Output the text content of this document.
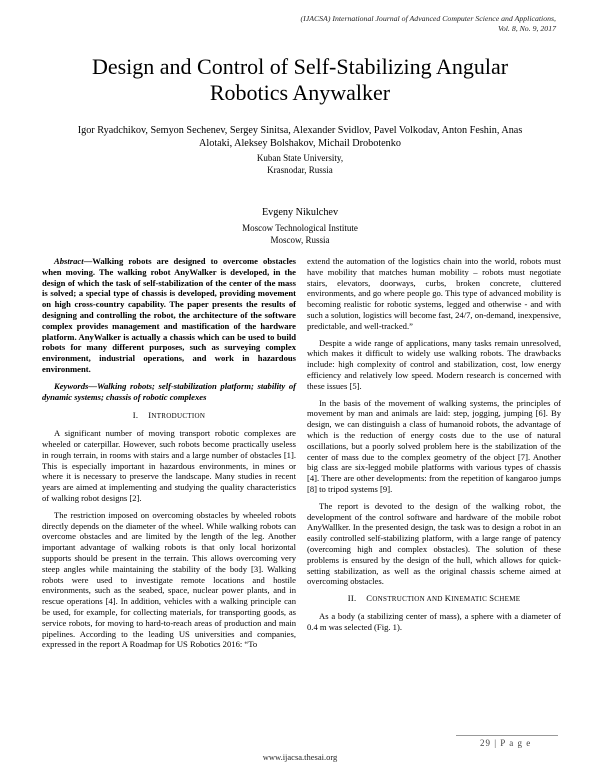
(IJACSA) International Journal of Advanced Computer Science and Applications,
Vol. 8, No. 9, 2017
Design and Control of Self-Stabilizing Angular
Robotics Anywalker
Igor Ryadchikov, Semyon Sechenev, Sergey Sinitsa, Alexander Svidlov, Pavel Volkodav, Anton Feshin, Anas
Alotaki, Aleksey Bolshakov, Michail Drobotenko
Kuban State University,
Krasnodar, Russia
Evgeny Nikulchev
Moscow Technological Institute
Moscow, Russia

Abstract—Walking robots are designed to overcome obstacles when moving. The walking robot AnyWalker is developed, in the design of which the task of self-stabilization of the center of the mass is solved; a special type of chassis is developed, providing movement on high cross-country capability. The paper presents the results of designing and controlling the robot, the architecture of the software complex provides management and mastification of the hardware platform. AnyWalker is actually a chassis which can be used to build robots for many different purposes, such as surveying complex environment, industrial operations, and work in hazardous environment.

Keywords—Walking robots; self-stabilization platform; stability of dynamic systems; chassis of robotic complexes

I. INTRODUCTION

A significant number of moving transport robotic complexes are wheeled or caterpillar. However, such robots become practically useless in rough terrain, in rooms with stairs and a large number of obstacles [1]. This is especially important in hazardous environments, in mines or where it is necessary to preserve the landscape. Many studies in recent years are aimed at implementing and studying the quality characteristics of walking robot designs [2].

The restriction imposed on overcoming obstacles by wheeled robots directly depends on the diameter of the wheel. While walking robots can overcome obstacles and are limited by the length of the leg. Another important advantage of walking robots is that only local horizontal supports should be present in the terrain. This allows overcoming very steep angles while maintaining the stability of the body [3]. Walking robots were used to investigate remote locations and hostile environments, such as the seabed, space, nuclear power plants, and in rescue operations [4]. In addition, vehicles with a walking principle can be used, for example, for collecting materials, for transporting goods, as service robots, for moving to hard-to-reach areas of production and main pipelines. According to the leading US universities and companies, expressed in the report A Roadmap for US Robotics 2016: “To

extend the automation of the logistics chain into the world, robots must have mobility that matches human mobility – robots must negotiate stairs, elevators, doorways, curbs, broken concrete, cluttered environments, and go where people go. This type of advanced mobility is becoming realistic for robotic systems, legged and otherwise - and with such a solution, logistics will become fast, 24/7, on-demand, inexpensive, predictable, and well-tracked.”

Despite a wide range of applications, many tasks remain unresolved, which makes it difficult to widely use walking robots. The drawbacks include: high complexity of control and stabilization, cost, low energy efficiency and relatively low speed. Modern research is concerned with these issues [5].

In the basis of the movement of walking systems, the principles of movement by man and animals are laid: step, jogging, jumping [6]. By design, we can distinguish a class of humanoid robots, the advantage of which is the reduction of energy costs due to the use of natural oscillations, but a poorly solved problem here is the stabilization of the center of mass due to the complex geometry of the object [7]. Another big class are six-legged mobile platforms with various types of chassis [4]. There are other developments: from the repetition of kangaroo jumps [8] to tripod systems [9].

The report is devoted to the design of the walking robot, the development of the control software and hardware of the mobile robot AnyWallker. In the presented design, the task was to design a robot in an easily controlled self-stabilizing platform, with a large range of patency (overcoming high and complex obstacles). The solution of these problems is ensured by the design of the hull, which allows for quick-setting stabilization, as well as the original chassis scheme aimed at overcoming obstacles.

II. CONSTRUCTION AND KINEMATIC SCHEME

As a body (a stabilizing center of mass), a sphere with a diameter of 0.4 m was selected (Fig. 1).

29 | P a g e
www.ijacsa.thesai.org
